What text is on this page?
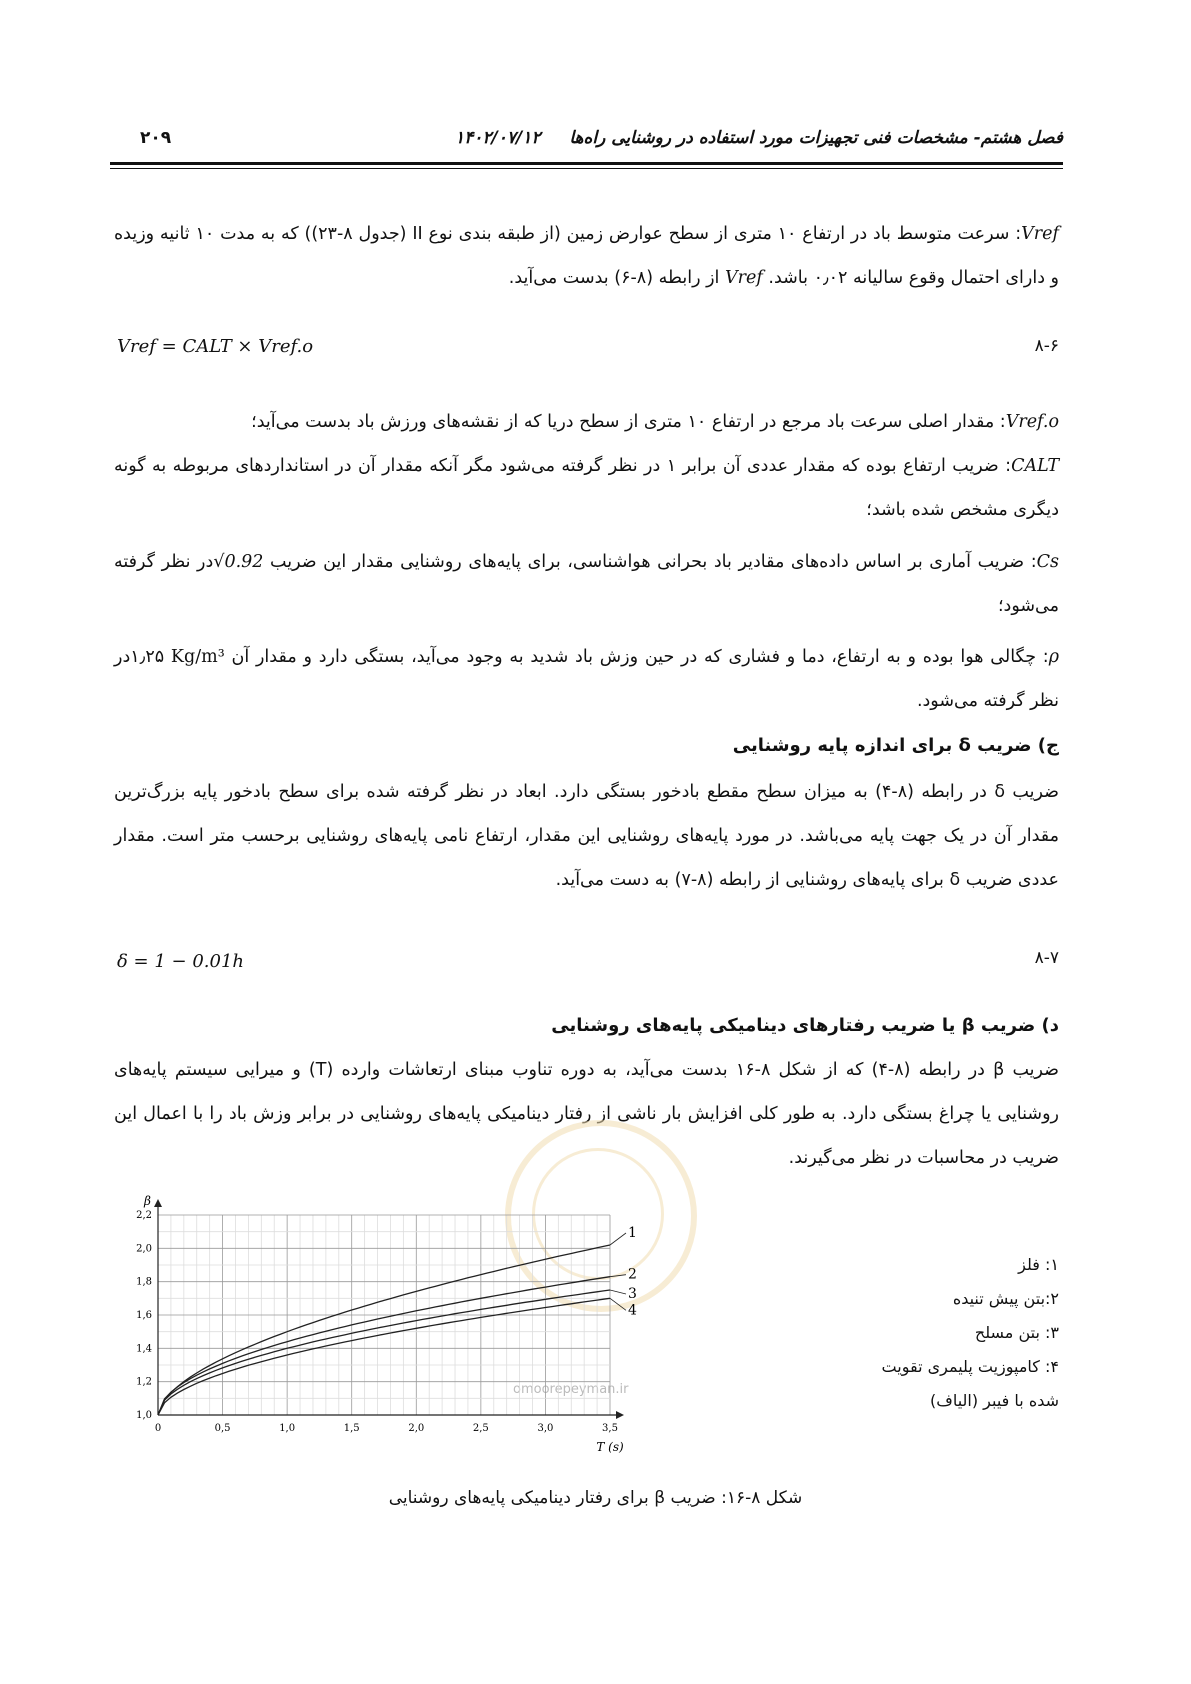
فصل هشتم- مشخصات فنی تجهیزات مورد استفاده در روشنایی راه‌ها
۱۴۰۲/۰۷/۱۲
۲۰۹
Vref: سرعت متوسط باد در ارتفاع ۱۰ متری از سطح عوارض زمین (از طبقه بندی نوع II (جدول ۸-۲۳)) که به مدت ۱۰ ثانیه وزیده و دارای احتمال وقوع سالیانه ۰٫۰۲ باشد. Vref از رابطه (۸-۶) بدست می‌آید.
Vref = CALT × Vref.o	۸-۶
Vref.o: مقدار اصلی سرعت باد مرجع در ارتفاع ۱۰ متری از سطح دریا که از نقشه‌های ورزش باد بدست می‌آید؛
CALT: ضریب ارتفاع بوده که مقدار عددی آن برابر ۱ در نظر گرفته می‌شود مگر آنکه مقدار آن در استانداردهای مربوطه به گونه دیگری مشخص شده باشد؛
Cs: ضریب آماری بر اساس داده‌های مقادیر باد بحرانی هواشناسی، برای پایه‌های روشنایی مقدار این ضریب √0.92در نظر گرفته می‌شود؛
ρ: چگالی هوا بوده و به ارتفاع، دما و فشاری که در حین وزش باد شدید به وجود می‌آید، بستگی دارد و مقدار آن Kg/m³ ۱٫۲۵در نظر گرفته می‌شود.
ج) ضریب δ برای اندازه پایه روشنایی
ضریب δ در رابطه (۸-۴) به میزان سطح مقطع بادخور بستگی دارد. ابعاد در نظر گرفته شده برای سطح بادخور پایه بزرگ‌ترین مقدار آن در یک جهت پایه می‌باشد. در مورد پایه‌های روشنایی این مقدار، ارتفاع نامی پایه‌های روشنایی برحسب متر است. مقدار عددی ضریب δ برای پایه‌های روشنایی از رابطه (۸-۷) به دست می‌آید.
δ = 1 − 0.01h	۸-۷
د) ضریب β یا ضریب رفتارهای دینامیکی پایه‌های روشنایی
ضریب β در رابطه (۸-۴) که از شکل ۸-۱۶ بدست می‌آید، به دوره تناوب مبنای ارتعاشات وارده (T) و میرایی سیستم پایه‌های روشنایی یا چراغ بستگی دارد. به طور کلی افزایش بار ناشی از رفتار دینامیکی پایه‌های روشنایی در برابر وزش باد را با اعمال این ضریب در محاسبات در نظر می‌گیرند.
omoorepeyman.ir
0	0,5	1,0	1,5	2,0	2,5	3,0	3,5
1,0
1,2
1,4
1,6
1,8
2,0
2,2
T (s)
β
1
2
3
4
۱: فلز
۲:بتن پیش تنیده
۳: بتن مسلح
۴: کامپوزیت پلیمری تقویت
شده با فیبر (الیاف)
شکل ۸-۱۶: ضریب β برای رفتار دینامیکی پایه‌های روشنایی
